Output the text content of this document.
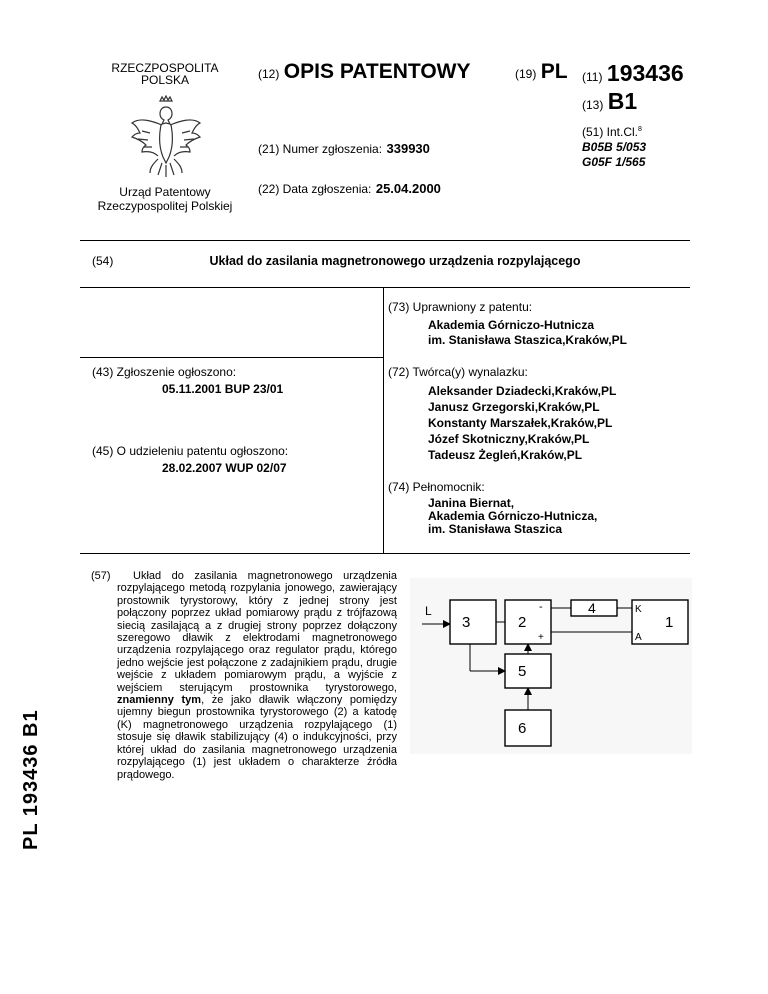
RZECZPOSPOLITA
POLSKA
Urząd Patentowy
Rzeczypospolitej Polskiej
(12) OPIS PATENTOWY	(19) PL
(21) Numer zgłoszenia: 339930
(22) Data zgłoszenia: 25.04.2000
(11) 193436
(13) B1
(51) Int.Cl.$^8$
B05B 5/053
G05F 1/565
(54)	Układ do zasilania magnetronowego urządzenia rozpylającego
(73) Uprawniony z patentu:
Akademia Górniczo-Hutnicza
im. Stanisława Staszica,Kraków,PL
(43) Zgłoszenie ogłoszono:
05.11.2001 BUP 23/01
(45) O udzieleniu patentu ogłoszono:
28.02.2007 WUP 02/07
(72) Twórca(y) wynalazku:
Aleksander Dziadecki,Kraków,PL
Janusz Grzegorski,Kraków,PL
Konstanty Marszałek,Kraków,PL
Józef Skotniczny,Kraków,PL
Tadeusz Żegleń,Kraków,PL
(74) Pełnomocnik:
Janina Biernat,
Akademia Górniczo-Hutnicza,
im. Stanisława Staszica
PL 193436 B1
(57) Układ do zasilania magnetronowego urządzenia rozpylającego metodą rozpylania jonowego, zawierający prostownik tyrystorowy, który z jednej strony jest połączony poprzez układ pomiarowy prądu z trójfazową siecią zasilającą a z drugiej strony poprzez dołączony szeregowo dławik z elektrodami magnetronowego urządzenia rozpylającego oraz regulator prądu, którego jedno wejście jest połączone z zadajnikiem prądu, drugie wejście z układem pomiarowym prądu, a wyjście z wejściem sterującym prostownika tyrystorowego, znamienny tym, że jako dławik włączony pomiędzy ujemny biegun prostownika tyrystorowego (2) a katodę (K) magnetronowego urządzenia rozpylającego (1) stosuje się dławik stabilizujący (4) o indukcyjności, przy której układ do zasilania magnetronowego urządzenia rozpylającego (1) jest układem o charakterze źródła prądowego.
L
3	2
-
+
4
1
K
A
5
6
